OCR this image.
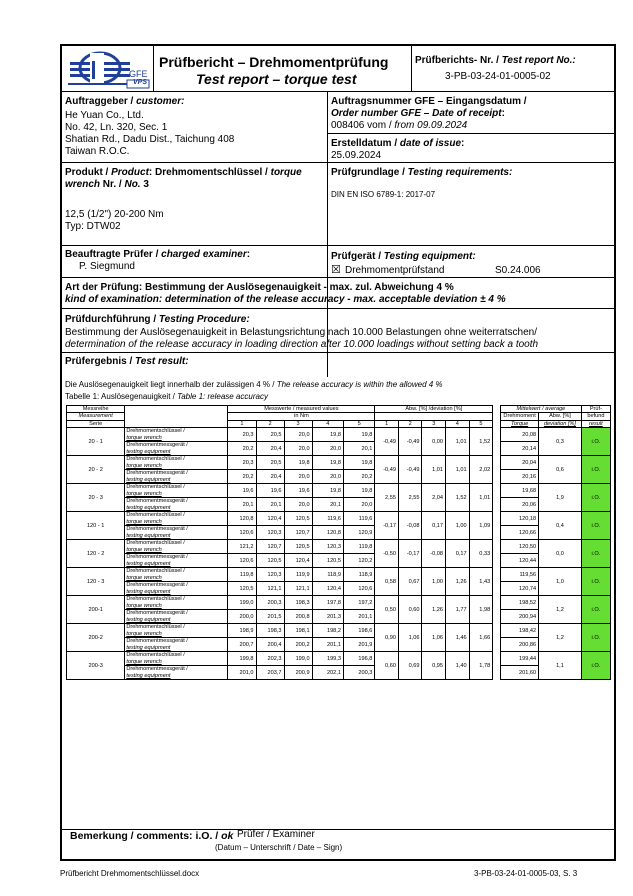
GFE
VPS
Prüfbericht – Drehmomentprüfung
Test report – torque test
Prüfberichts- Nr. / Test report No.:
3-PB-03-24-01-0005-02
Auftraggeber / customer:
He Yuan Co., Ltd.
No. 42, Ln. 320, Sec. 1
Shatian Rd., Dadu Dist., Taichung 408
Taiwan R.O.C.
Auftragsnummer GFE – Eingangsdatum /
Order number GFE – Date of receipt:
008406 vom / from 09.09.2024
Erstelldatum / date of issue:
25.09.2024
Produkt / Product: Drehmomentschlüssel / torque
wrench Nr. / No. 3
12,5 (1/2") 20-200 Nm
Typ: DTW02
Prüfgrundlage / Testing requirements:
DIN EN ISO 6789-1: 2017-07
Beauftragte Prüfer / charged examiner:
P. Siegmund
Prüfgerät / Testing equipment:
☒ Drehmomentprüfstand	S0.24.006
Art der Prüfung: Bestimmung der Auslösegenauigkeit - max. zul. Abweichung 4 %
kind of examination: determination of the release accuracy - max. acceptable deviation ± 4 %
Prüfdurchführung / Testing Procedure:
Bestimmung der Auslösegenauigkeit in Belastungsrichtung nach 10.000 Belastungen ohne weiterratschen/
determination of the release accuracy in loading direction after 10.000 loadings without setting back a tooth
Prüfergebnis / Test result:
Die Auslösegenauigkeit liegt innerhalb der zulässigen 4 % / The release accuracy is within the allowed 4 %
Tabelle 1: Auslösegenauigkeit / Table 1: release accuracy
Messreihe		Messwerte / measured values					Abw. [%] /deviation [%]						Mittelwert / average		Prüf-
Measurement		in Nm											Drehmoment	Abw. [%]	befund
Serie		1	2	3	4	5	1	2	3	4	5		Torque	deviation [%]	result
20 - 1	Drehmomentschlüssel /	20,3	20,5	20,0	19,8	19,8	-0,49	-0,49	0,00	1,01	1,52		20,08	0,3	i.O.
	torque wrench														
	Drehmomentmessgerät /	20,2	20,4	20,0	20,0	20,1							20,14		
	testing equipment														
20 - 2	Drehmomentschlüssel /	20,3	20,5	19,8	19,8	19,8	-0,49	-0,49	1,01	1,01	2,02		20,04	0,6	i.O.
	torque wrench														
	Drehmomentmessgerät /	20,2	20,4	20,0	20,0	20,2							20,16		
	testing equipment														
20 - 3	Drehmomentschlüssel /	19,6	19,6	19,6	19,8	19,8	2,55	2,55	2,04	1,52	1,01		19,68	1,9	i.O.
	torque wrench														
	Drehmomentmessgerät /	20,1	20,1	20,0	20,1	20,0							20,06		
	testing equipment														
120 - 1	Drehmomentschlüssel /	120,8	120,4	120,5	119,6	119,6	-0,17	-0,08	0,17	1,00	1,09		120,18	0,4	i.O.
	torque wrench														
	Drehmomentmessgerät /	120,6	120,3	120,7	120,8	120,9							120,66		
	testing equipment														
120 - 2	Drehmomentschlüssel /	121,2	120,7	120,5	120,3	119,8	-0,50	-0,17	-0,08	0,17	0,33		120,50	0,0	i.O.
	torque wrench														
	Drehmomentmessgerät /	120,6	120,5	120,4	120,5	120,2							120,44		
	testing equipment														
120 - 3	Drehmomentschlüssel /	119,8	120,3	119,9	118,9	118,9	0,58	0,67	1,00	1,26	1,43		119,56	1,0	i.O.
	torque wrench														
	Drehmomentmessgerät /	120,5	121,1	121,1	120,4	120,6							120,74		
	testing equipment														
200-1	Drehmomentschlüssel /	199,0	200,3	198,3	197,8	197,2	0,50	0,60	1,26	1,77	1,98		198,52	1,2	i.O.
	torque wrench														
	Drehmomentmessgerät /	200,0	201,5	200,8	201,3	201,1							200,94		
	testing equipment														
200-2	Drehmomentschlüssel /	198,9	198,3	198,1	198,2	198,6	0,90	1,06	1,06	1,46	1,66		198,42	1,2	i.O.
	torque wrench														
	Drehmomentmessgerät /	200,7	200,4	200,2	201,1	201,9							200,86		
	testing equipment														
200-3	Drehmomentschlüssel /	199,8	202,3	199,0	199,3	196,8	0,60	0,69	0,95	1,40	1,78		199,44	1,1	i.O.
	torque wrench														
	Drehmomentmessgerät /	201,0	203,7	200,9	202,1	200,3							201,60		
	testing equipment														
Bemerkung / comments: i.O. / ok Prüfer / Examiner
(Datum – Unterschrift / Date – Sign)
Prüfbericht Drehmomentschlüssel.docx	3-PB-03-24-01-0005-03, S. 3
